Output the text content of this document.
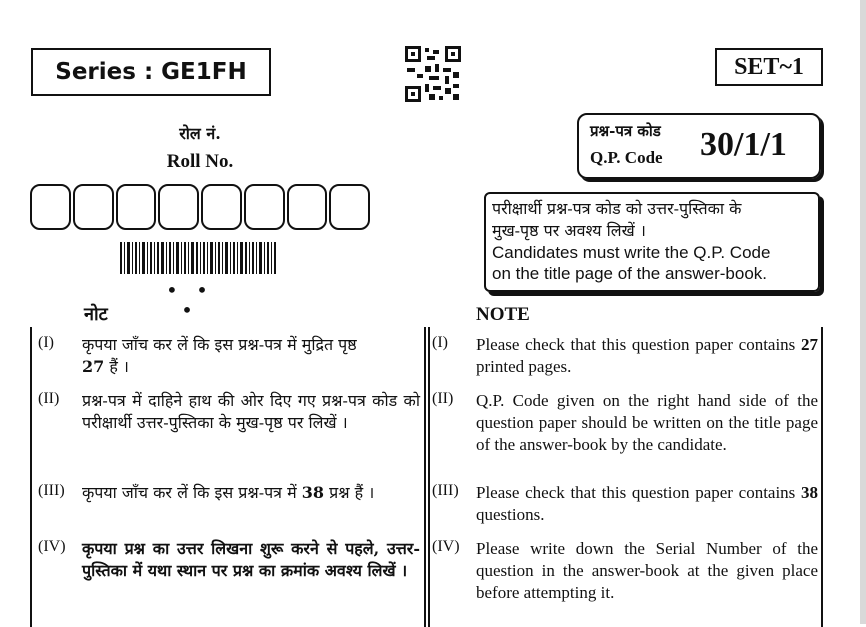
Series : GE1FH	SET~1
रोल नं.
Roll No.
• • •
प्रश्न-पत्र कोड
Q.P. Code 30/1/1
परीक्षार्थी प्रश्न-पत्र कोड को उत्तर-पुस्तिका के
मुख-पृष्ठ पर अवश्य लिखें ।
Candidates must write the Q.P. Code
on the title page of the answer-book.
नोट	NOTE
(I)	कृपया जाँच कर लें कि इस प्रश्न-पत्र में मुद्रित पृष्ठ
27 हैं ।
(II)	प्रश्न-पत्र में दाहिने हाथ की ओर दिए गए प्रश्न-पत्र कोड को परीक्षार्थी उत्तर-पुस्तिका के मुख-पृष्ठ पर लिखें ।
(III)	कृपया जाँच कर लें कि इस प्रश्न-पत्र में 38 प्रश्न हैं ।
(IV)	कृपया प्रश्न का उत्तर लिखना शुरू करने से पहले, उत्तर-पुस्तिका में यथा स्थान पर प्रश्न का क्रमांक अवश्य लिखें ।
(I)	Please check that this question paper contains 27 printed pages.
(II)	Q.P. Code given on the right hand side of the question paper should be written on the title page of the answer-book by the candidate.
(III)	Please check that this question paper contains 38 questions.
(IV) Please write down the Serial Number of the question in the answer-book at the given place before attempting it.
